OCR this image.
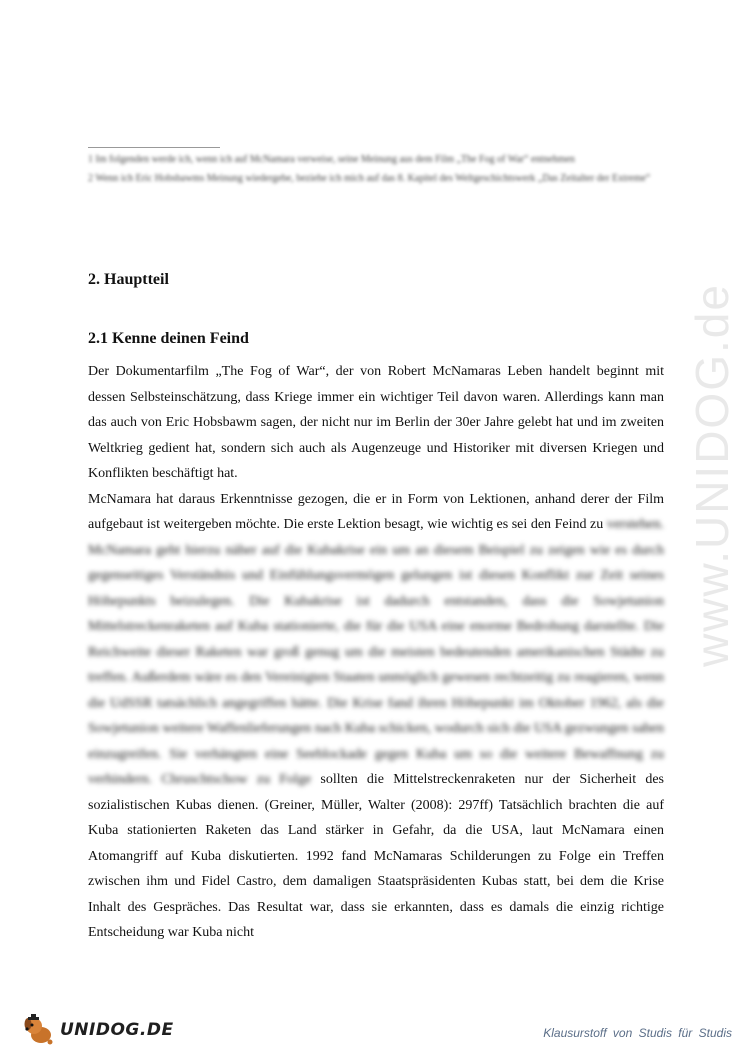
1 Im folgenden werde ich, wenn ich auf McNamara verweise, seine Meinung aus dem Film „The Fog of War“ entnehmen

2 Wenn ich Eric Hobsbawms Meinung wiedergebe, beziehe ich mich auf das 8. Kapitel des Weltgeschichtswerk „Das Zeitalter der Extreme“

2. Hauptteil
2.1 Kenne deinen Feind

Der Dokumentarfilm „The Fog of War“, der von Robert McNamaras Leben handelt beginnt mit dessen Selbsteinschätzung, dass Kriege immer ein wichtiger Teil davon waren. Allerdings kann man das auch von Eric Hobsbawm sagen, der nicht nur im Berlin der 30er Jahre gelebt hat und im zweiten Weltkrieg gedient hat, sondern sich auch als Augenzeuge und Historiker mit diversen Kriegen und Konflikten beschäftigt hat.

McNamara hat daraus Erkenntnisse gezogen, die er in Form von Lektionen, anhand derer der Film aufgebaut ist weitergeben möchte. Die erste Lektion besagt, wie wichtig es sei den Feind zu verstehen. McNamara geht hierzu näher auf die Kubakrise ein um an diesem Beispiel zu zeigen wie es durch gegenseitiges Verständnis und Einfühlungsvermögen gelungen ist diesen Konflikt zur Zeit seines Höhepunkts beizulegen. Die Kubakrise ist dadurch entstanden, dass die Sowjetunion Mittelstreckenraketen auf Kuba stationierte, die für die USA eine enorme Bedrohung darstellte. Die Reichweite dieser Raketen war groß genug um die meisten bedeutenden amerikanischen Städte zu treffen. Außerdem wäre es den Vereinigten Staaten unmöglich gewesen rechtzeitig zu reagieren, wenn die UdSSR tatsächlich angegriffen hätte. Die Krise fand ihren Höhepunkt im Oktober 1962, als die Sowjetunion weitere Waffenlieferungen nach Kuba schicken, wodurch sich die USA gezwungen sahen einzugreifen. Sie verhängten eine Seeblockade gegen Kuba um so die weitere Bewaffnung zu verhindern. Chruschtschow zu Folge sollten die Mittelstreckenraketen nur der Sicherheit des sozialistischen Kubas dienen. (Greiner, Müller, Walter (2008): 297ff) Tatsächlich brachten die auf Kuba stationierten Raketen das Land stärker in Gefahr, da die USA, laut McNamara einen Atomangriff auf Kuba diskutierten. 1992 fand McNamaras Schilderungen zu Folge ein Treffen zwischen ihm und Fidel Castro, dem damaligen Staatspräsidenten Kubas statt, bei dem die Krise Inhalt des Gespräches. Das Resultat war, dass sie erkannten, dass es damals die einzig richtige Entscheidung war Kuba nicht

www.UNIDOG.de
UNIDOG.DE	Klausurstoff von Studis für Studis
